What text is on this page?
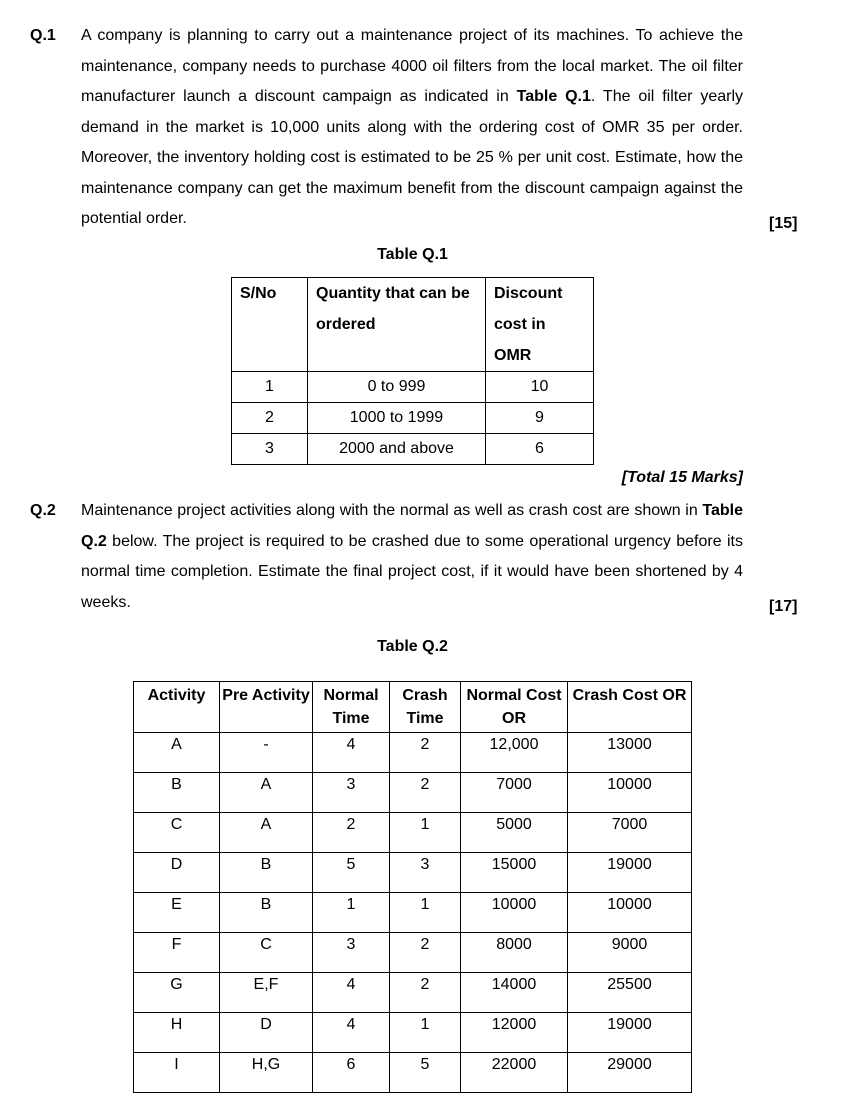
Q.1 A company is planning to carry out a maintenance project of its machines. To achieve the maintenance, company needs to purchase 4000 oil filters from the local market. The oil filter manufacturer launch a discount campaign as indicated in Table Q.1. The oil filter yearly demand in the market is 10,000 units along with the ordering cost of OMR 35 per order. Moreover, the inventory holding cost is estimated to be 25 % per unit cost. Estimate, how the maintenance company can get the maximum benefit from the discount campaign against the potential order.	[15]
Table Q.1
S/No	Quantity that can be ordered	Discount cost in OMR
1	0 to 999	10
2	1000 to 1999	9
3	2000 and above	6
[Total 15 Marks]
Q.2 Maintenance project activities along with the normal as well as crash cost are shown in Table Q.2 below. The project is required to be crashed due to some operational urgency before its normal time completion. Estimate the final project cost, if it would have been shortened by 4 weeks.	[17]
Table Q.2
Activity	Pre Activity	Normal Time	Crash Time	Normal Cost OR	Crash Cost OR
A	-	4	2	12,000	13000
B	A	3	2	7000	10000
C	A	2	1	5000	7000
D	B	5	3	15000	19000
E	B	1	1	10000	10000
F	C	3	2	8000	9000
G	E,F	4	2	14000	25500
H	D	4	1	12000	19000
I	H,G	6	5	22000	29000
